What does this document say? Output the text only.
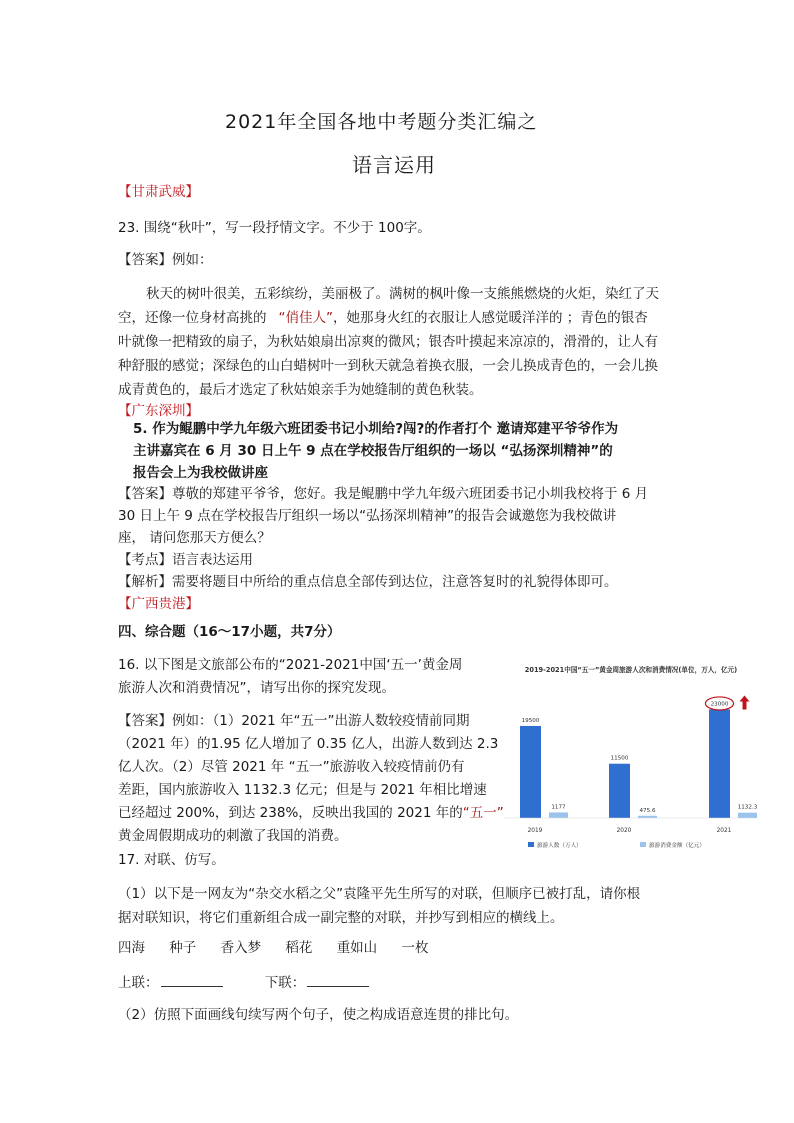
2021年全国各地中考题分类汇编之
语言运用
【甘肃武威】
23. 围绕“秋叶”，写一段抒情文字。不少于 100字。
【答案】例如：
秋天的树叶很美，五彩缤纷，美丽极了。满树的枫叶像一支熊熊燃烧的火炬，染红了天
空，还像一位身材高挑的 “俏佳人”，她那身火红的衣服让人感觉暖洋洋的 ；青色的银杏
叶就像一把精致的扇子，为秋姑娘扇出凉爽的微风；银杏叶摸起来凉凉的，滑滑的，让人有
种舒服的感觉；深绿色的山白蜡树叶一到秋天就急着换衣服，一会儿换成青色的，一会儿换
成青黄色的，最后才选定了秋姑娘亲手为她缝制的黄色秋装。
【广东深圳】
5. 作为鲲鹏中学九年级六班团委书记小圳给?闯?的作者打个 邀请郑建平爷爷作为
主讲嘉宾在 6 月 30 日上午 9 点在学校报告厅组织的一场以 “弘扬深圳精神”的
报告会上为我校做讲座
【答案】尊敬的郑建平爷爷，您好。我是鲲鹏中学九年级六班团委书记小圳我校将于 6 月
30 日上午 9 点在学校报告厅组织一场以“弘扬深圳精神”的报告会诚邀您为我校做讲
座， 请问您那天方便么？
【考点】语言表达运用
【解析】需要将题目中所给的重点信息全部传到达位，注意答复时的礼貌得体即可。
【广西贵港】
四、综合题（16～17小题，共7分）
16. 以下图是文旅部公布的“2021-2021中国‘五一’黄金周
旅游人次和消费情况”，请写出你的探究发现。
【答案】例如：（1）2021 年“五一”出游人数较疫情前同期
（2021 年）的1.95 亿人增加了 0.35 亿人，出游人数到达 2.3
亿人次。（2）尽管 2021 年 “五一”旅游收入较疫情前仍有
差距，国内旅游收入 1132.3 亿元；但是与 2021 年相比增速
已经超过 200%，到达 238%，反映出我国的 2021 年的“五一”
黄金周假期成功的刺激了我国的消费。
2019-2021中国“五一”黄金周旅游人次和消费情况(单位，万人，亿元)
19500
1177
2019
11500
475.6
2020
23000
1132.3
2021
旅游人数（万人）	旅游消费金额（亿元）
17. 对联、仿写。
（1）以下是一网友为“杂交水稻之父”袁隆平先生所写的对联，但顺序已被打乱，请你根
据对联知识，将它们重新组合成一副完整的对联，并抄写到相应的横线上。
四海 种子 香入梦 稻花 重如山 一枚
上联：	下联：
（2）仿照下面画线句续写两个句子，使之构成语意连贯的排比句。
